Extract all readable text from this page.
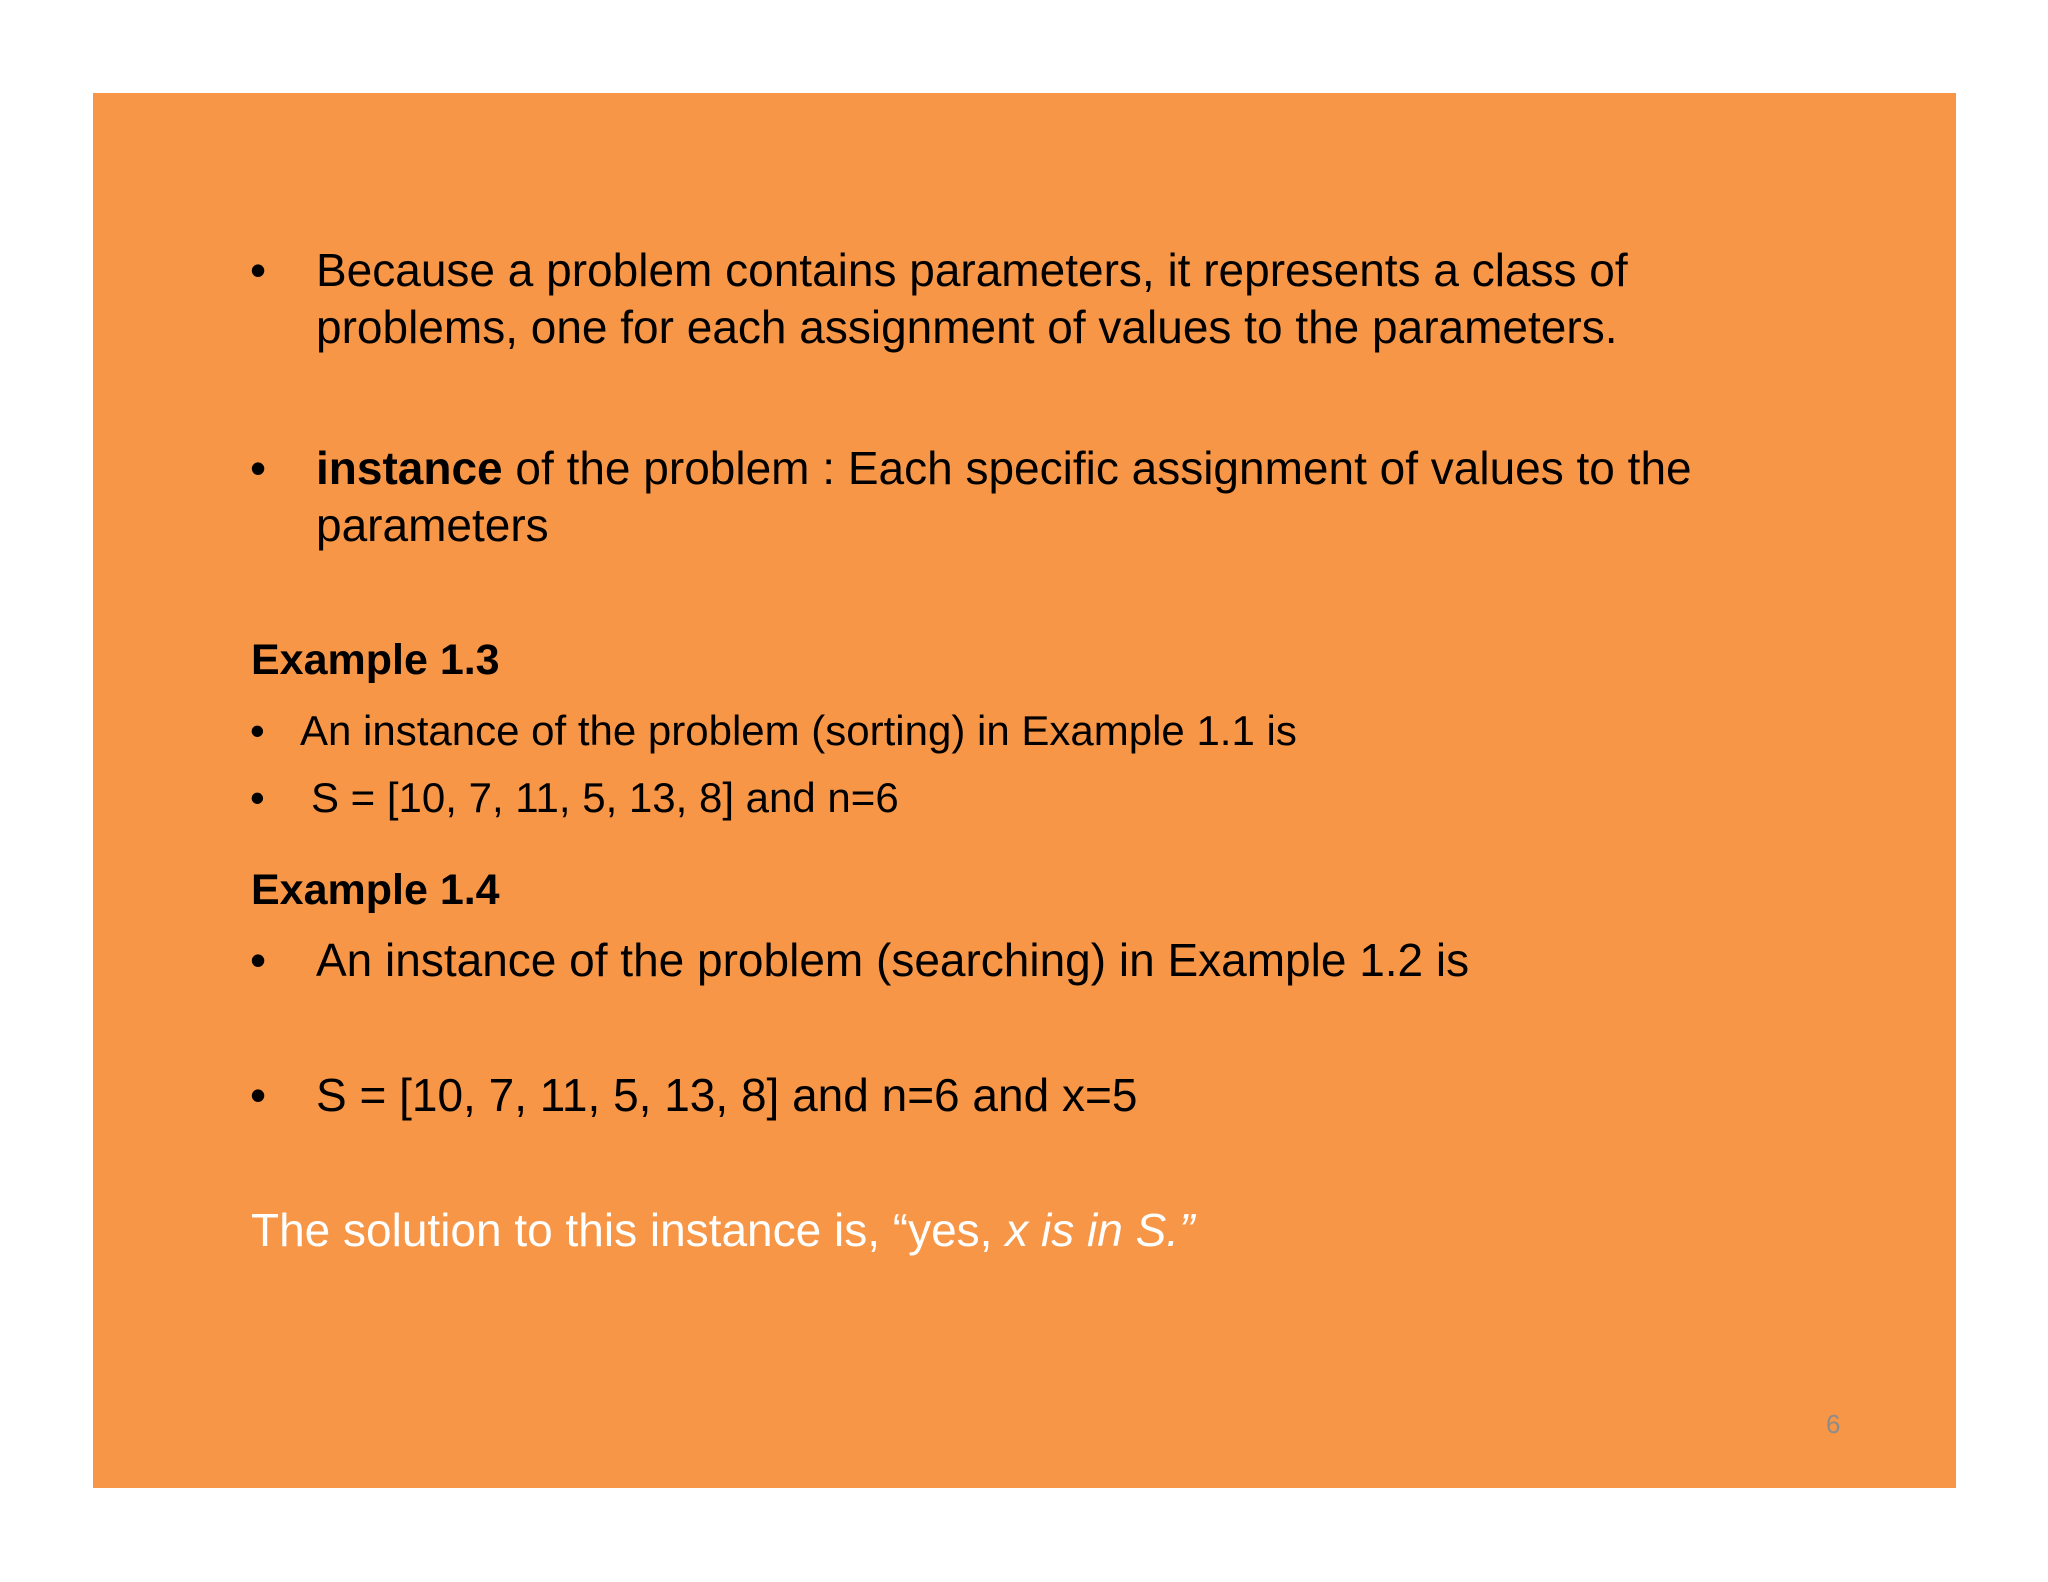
• Because a problem contains parameters, it represents a class of
problems, one for each assignment of values to the parameters.
• instance of the problem : Each specific assignment of values to the
parameters
Example 1.3
• An instance of the problem (sorting) in Example 1.1 is
• S = [10, 7, 11, 5, 13, 8] and n=6
Example 1.4
• An instance of the problem (searching) in Example 1.2 is
• S = [10, 7, 11, 5, 13, 8] and n=6 and x=5
The solution to this instance is, “yes, x is in S.”
6
